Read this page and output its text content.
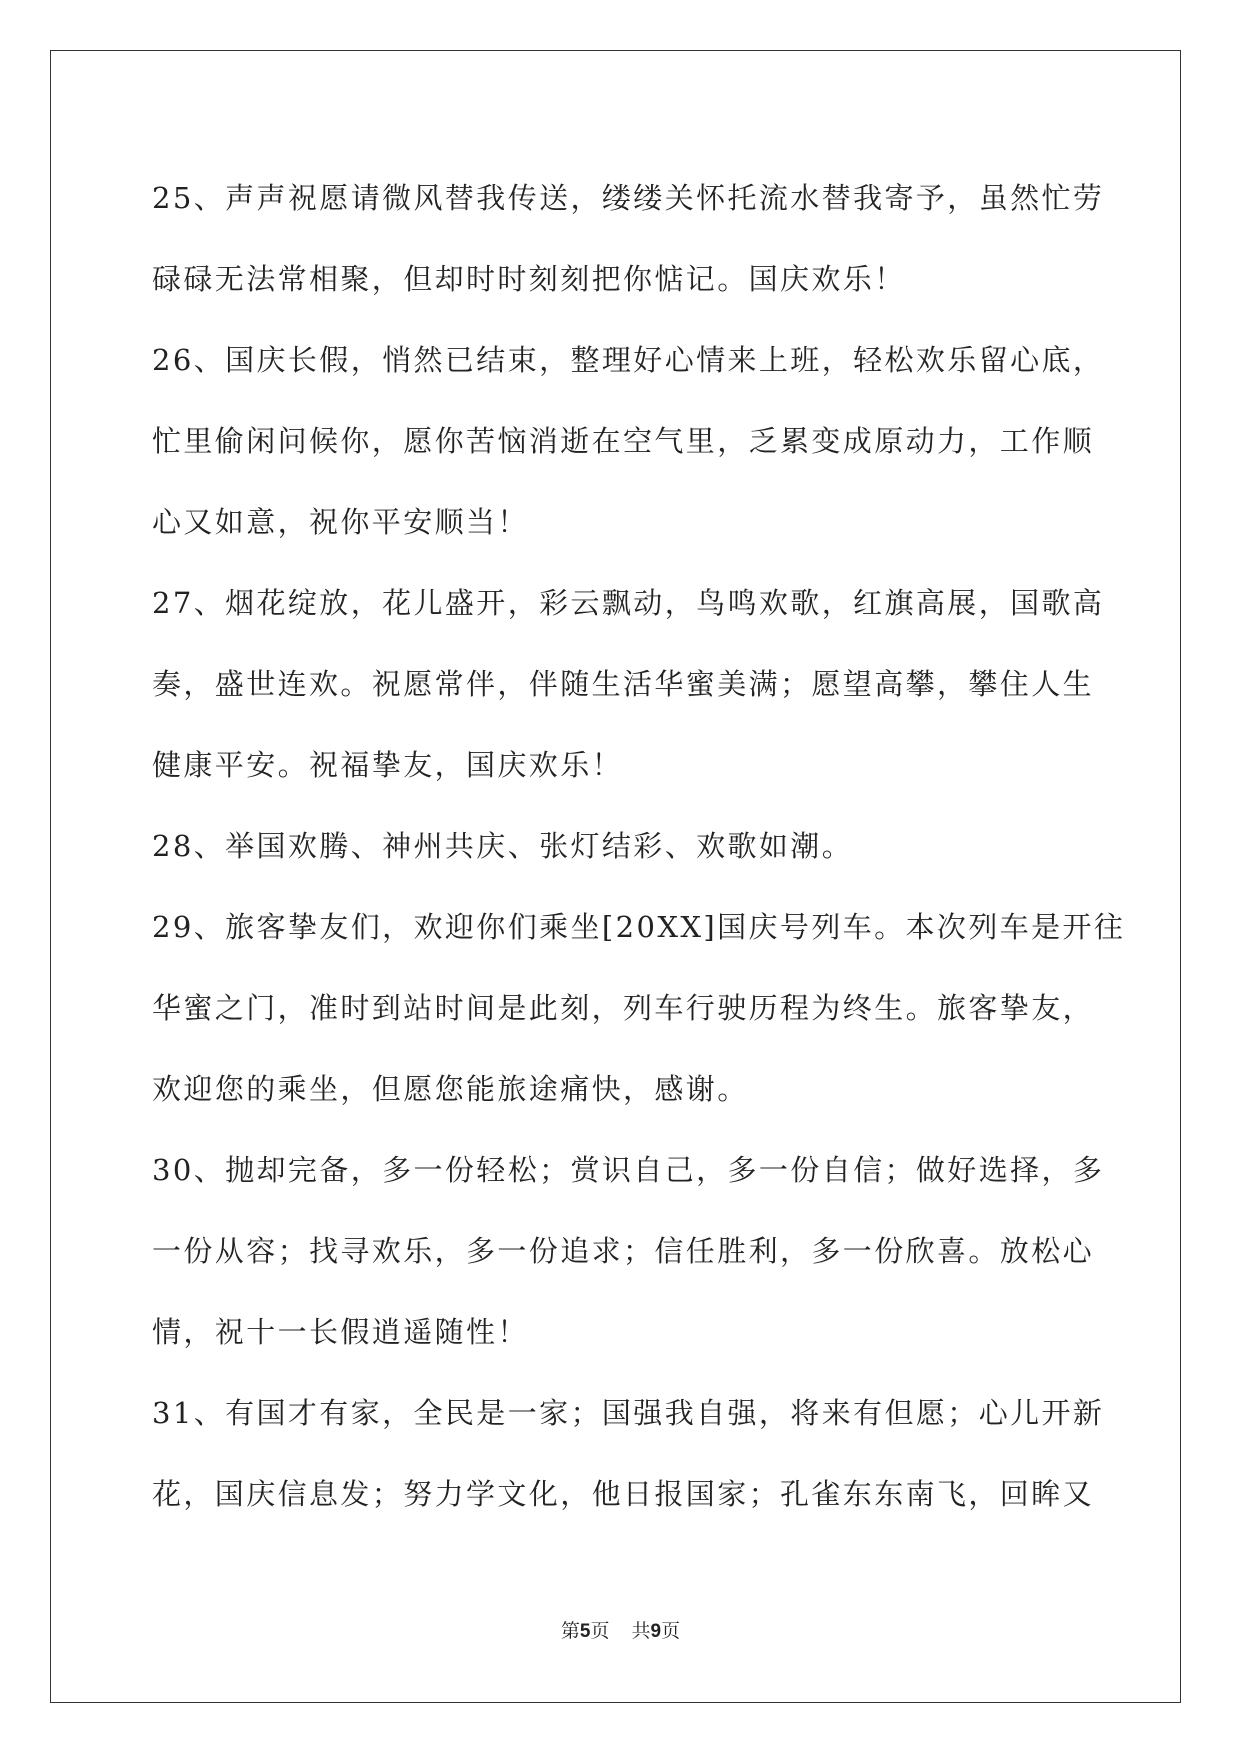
25、声声祝愿请微风替我传送，缕缕关怀托流水替我寄予，虽然忙劳
碌碌无法常相聚，但却时时刻刻把你惦记。国庆欢乐！
26、国庆长假，悄然已结束，整理好心情来上班，轻松欢乐留心底，
忙里偷闲问候你，愿你苦恼消逝在空气里，乏累变成原动力，工作顺
心又如意，祝你平安顺当！
27、烟花绽放，花儿盛开，彩云飘动，鸟鸣欢歌，红旗高展，国歌高
奏，盛世连欢。祝愿常伴，伴随生活华蜜美满；愿望高攀，攀住人生
健康平安。祝福挚友，国庆欢乐！
28、举国欢腾、神州共庆、张灯结彩、欢歌如潮。
29、旅客挚友们，欢迎你们乘坐[20XX]国庆号列车。本次列车是开往
华蜜之门，准时到站时间是此刻，列车行驶历程为终生。旅客挚友，
欢迎您的乘坐，但愿您能旅途痛快，感谢。
30、抛却完备，多一份轻松；赏识自己，多一份自信；做好选择，多
一份从容；找寻欢乐，多一份追求；信任胜利，多一份欣喜。放松心
情，祝十一长假逍遥随性！
31、有国才有家，全民是一家；国强我自强，将来有但愿；心儿开新
花，国庆信息发；努力学文化，他日报国家；孔雀东东南飞，回眸又
第5页 共9页
